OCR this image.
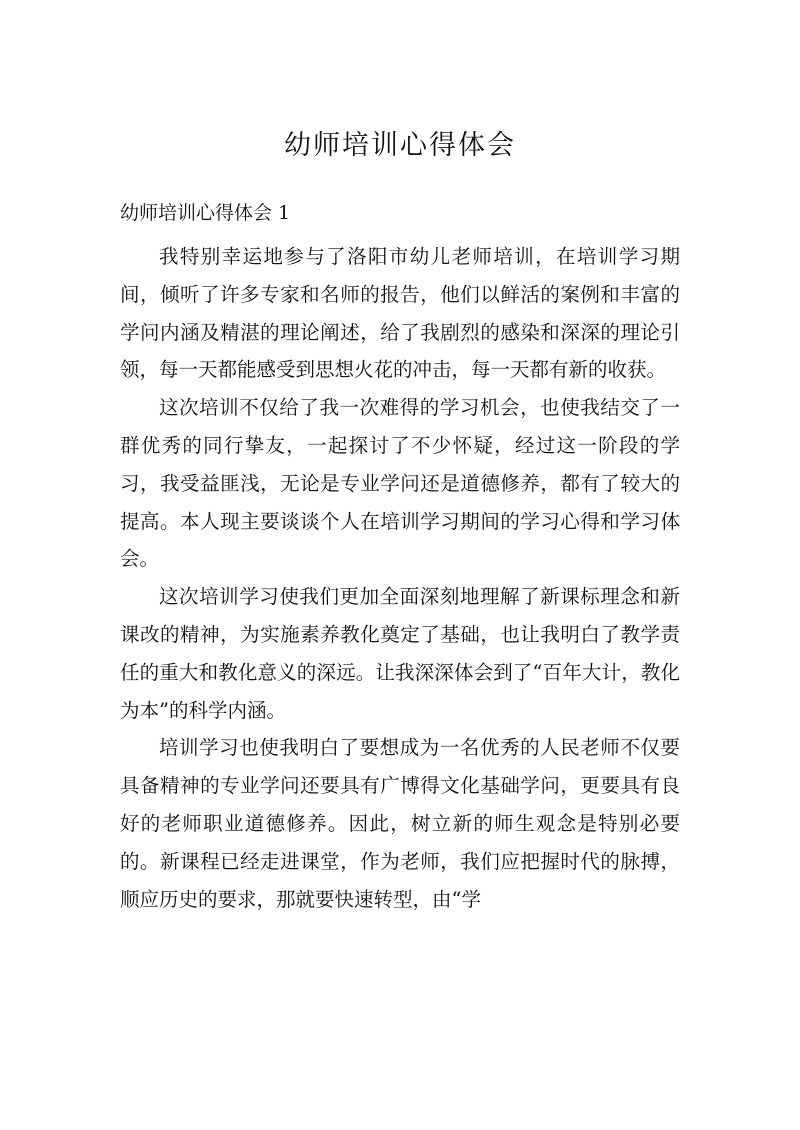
幼师培训心得体会
幼师培训心得体会 1

我特别幸运地参与了洛阳市幼儿老师培训，在培训学习期间，倾听了许多专家和名师的报告，他们以鲜活的案例和丰富的学问内涵及精湛的理论阐述，给了我剧烈的感染和深深的理论引领，每一天都能感受到思想火花的冲击，每一天都有新的收获。

这次培训不仅给了我一次难得的学习机会，也使我结交了一群优秀的同行挚友，一起探讨了不少怀疑，经过这一阶段的学习，我受益匪浅，无论是专业学问还是道德修养，都有了较大的提高。本人现主要谈谈个人在培训学习期间的学习心得和学习体会。

这次培训学习使我们更加全面深刻地理解了新课标理念和新课改的精神，为实施素养教化奠定了基础，也让我明白了教学责任的重大和教化意义的深远。让我深深体会到了“百年大计，教化为本”的科学内涵。

培训学习也使我明白了要想成为一名优秀的人民老师不仅要具备精神的专业学问还要具有广博得文化基础学问，更要具有良好的老师职业道德修养。因此，树立新的师生观念是特别必要的。新课程已经走进课堂，作为老师，我们应把握时代的脉搏，顺应历史的要求，那就要快速转型，由“学
